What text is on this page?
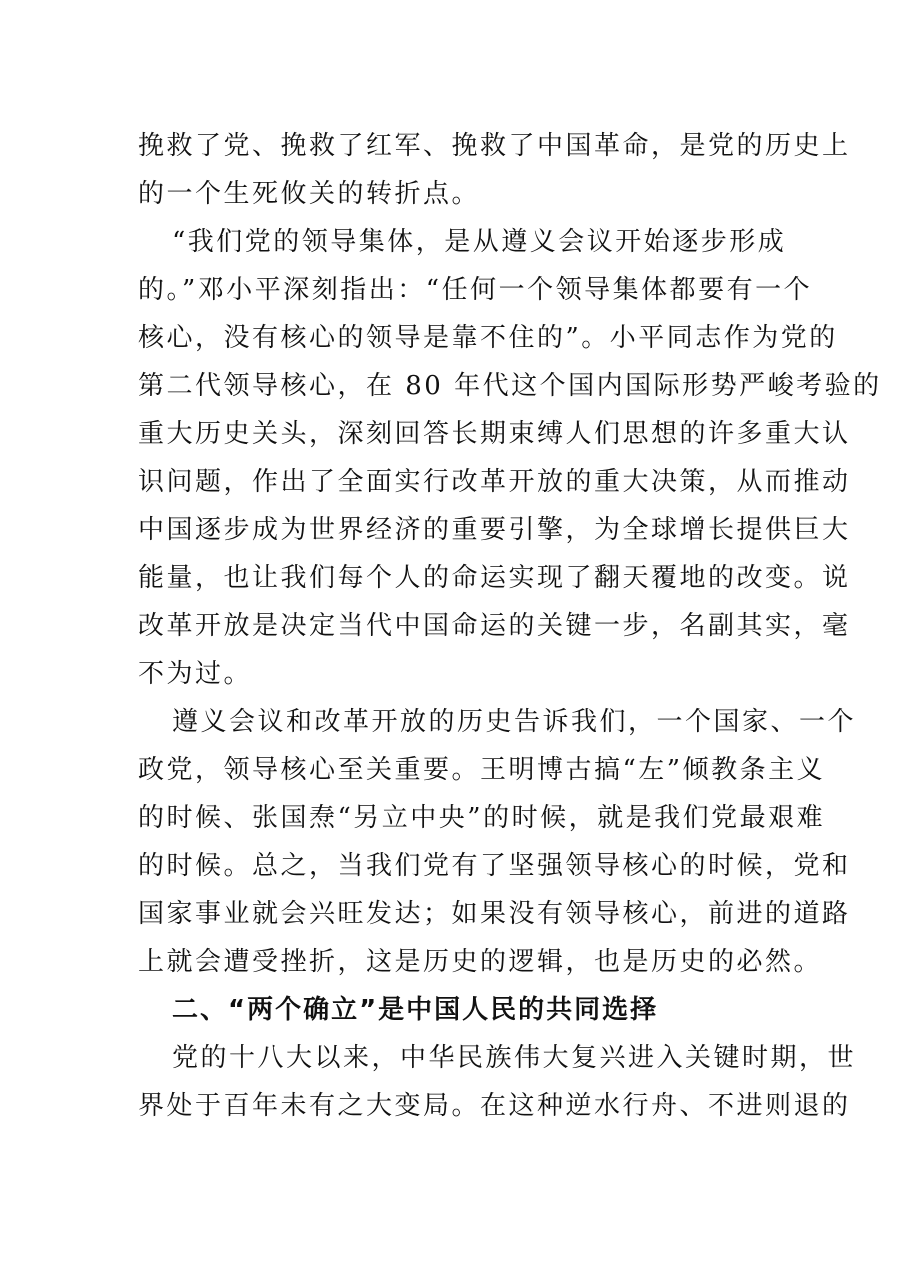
挽救了党、挽救了红军、挽救了中国革命，是党的历史上
的一个生死攸关的转折点。
“我们党的领导集体，是从遵义会议开始逐步形成
的。”邓小平深刻指出：“任何一个领导集体都要有一个
核心，没有核心的领导是靠不住的”。小平同志作为党的
第二代领导核心，在 80 年代这个国内国际形势严峻考验的
重大历史关头，深刻回答长期束缚人们思想的许多重大认
识问题，作出了全面实行改革开放的重大决策，从而推动
中国逐步成为世界经济的重要引擎，为全球增长提供巨大
能量，也让我们每个人的命运实现了翻天覆地的改变。说
改革开放是决定当代中国命运的关键一步，名副其实，毫
不为过。
遵义会议和改革开放的历史告诉我们，一个国家、一个
政党，领导核心至关重要。王明博古搞“左”倾教条主义
的时候、张国焘“另立中央”的时候，就是我们党最艰难
的时候。总之，当我们党有了坚强领导核心的时候，党和
国家事业就会兴旺发达；如果没有领导核心，前进的道路
上就会遭受挫折，这是历史的逻辑，也是历史的必然。
二、“两个确立”是中国人民的共同选择
党的十八大以来，中华民族伟大复兴进入关键时期，世
界处于百年未有之大变局。在这种逆水行舟、不进则退的
